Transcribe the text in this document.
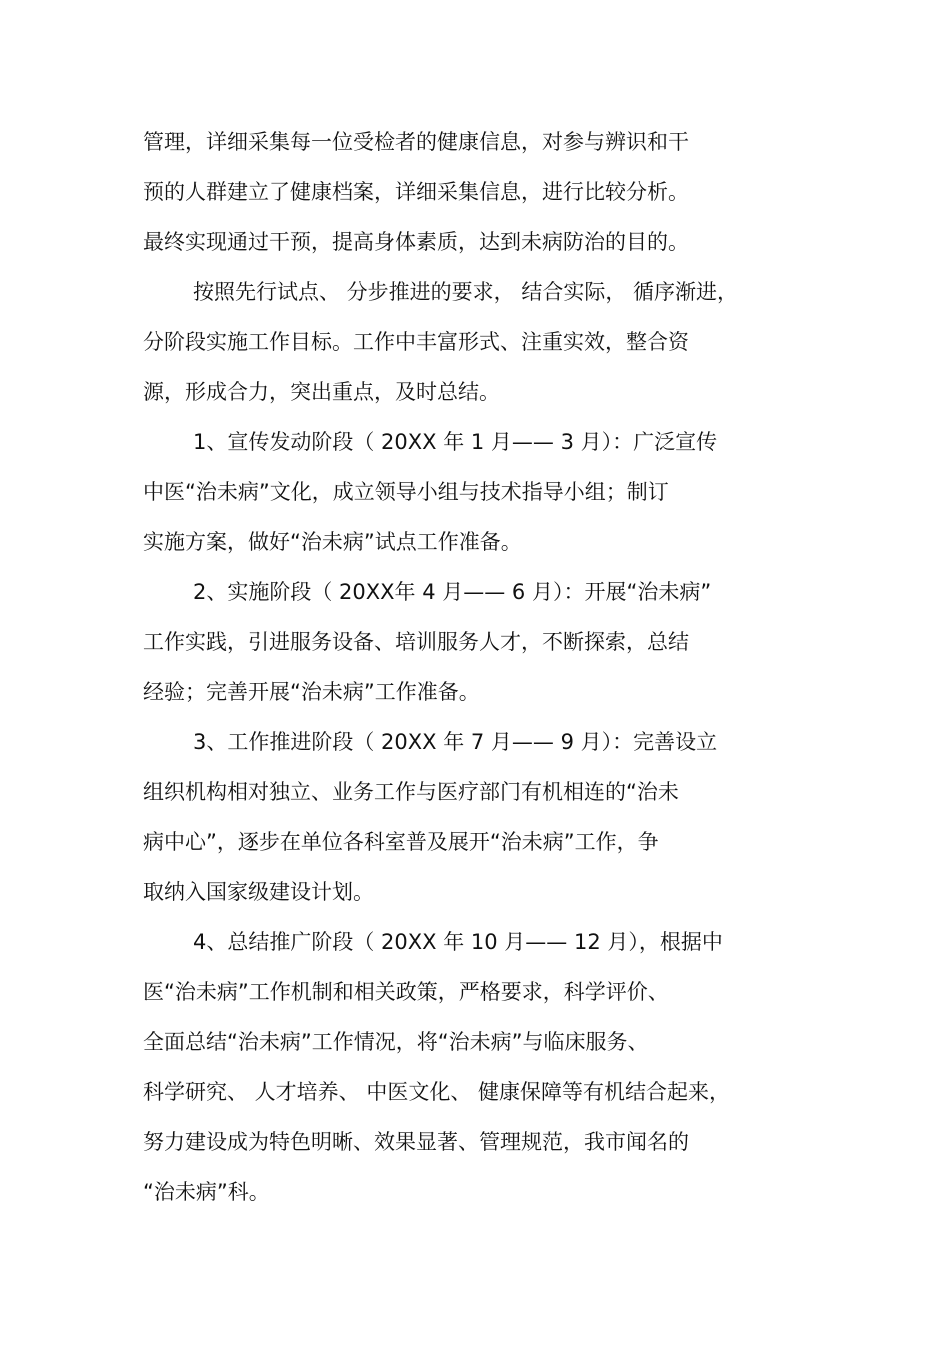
管理，详细采集每一位受检者的健康信息，对参与辨识和干
预的人群建立了健康档案，详细采集信息，进行比较分析。
最终实现通过干预，提高身体素质，达到未病防治的目的。
按照先行试点、 分步推进的要求， 结合实际， 循序渐进，
分阶段实施工作目标。工作中丰富形式、注重实效，整合资
源，形成合力，突出重点，及时总结。
1、宣传发动阶段（ 20XX 年 1 月—— 3 月）：广泛宣传
中医“治未病”文化，成立领导小组与技术指导小组；制订
实施方案，做好“治未病”试点工作准备。
2、实施阶段（ 20XX年 4 月—— 6 月）：开展“治未病”
工作实践，引进服务设备、培训服务人才，不断探索，总结
经验；完善开展“治未病”工作准备。
3、工作推进阶段（ 20XX 年 7 月—— 9 月）：完善设立
组织机构相对独立、业务工作与医疗部门有机相连的“治未
病中心”，逐步在单位各科室普及展开“治未病”工作，争
取纳入国家级建设计划。
4、总结推广阶段（ 20XX 年 10 月—— 12 月），根据中
医“治未病”工作机制和相关政策，严格要求，科学评价、
全面总结“治未病”工作情况，将“治未病”与临床服务、
科学研究、 人才培养、 中医文化、 健康保障等有机结合起来，
努力建设成为特色明晰、效果显著、管理规范，我市闻名的
“治未病”科。
